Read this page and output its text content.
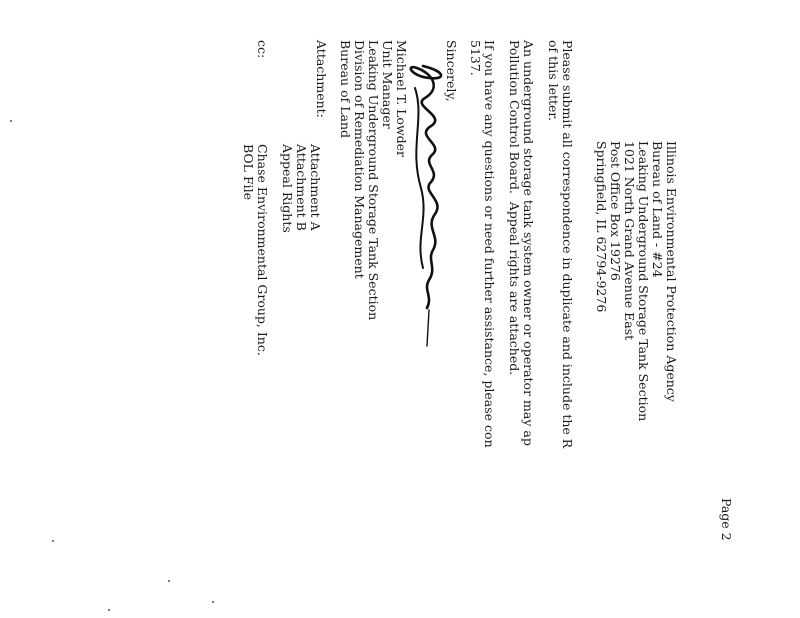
Page 2
Illinois Environmental Protection Agency
Bureau of Land - #24
Leaking Underground Storage Tank Section
1021 North Grand Avenue East
Post Office Box 19276
Springfield, IL 62794-9276
Please submit all correspondence in duplicate and include the R
of this letter.
An underground storage tank system owner or operator may ap
Pollution Control Board.  Appeal rights are attached.
If you have any questions or need further assistance, please con
5137.
Sincerely,
Michael T. Lowder
Unit Manager
Leaking Underground Storage Tank Section
Division of Remediation Management
Bureau of Land
Attachment:
Attachment A
Attachment B
Appeal Rights
cc:
Chase Environmental Group, Inc.
BOL File
